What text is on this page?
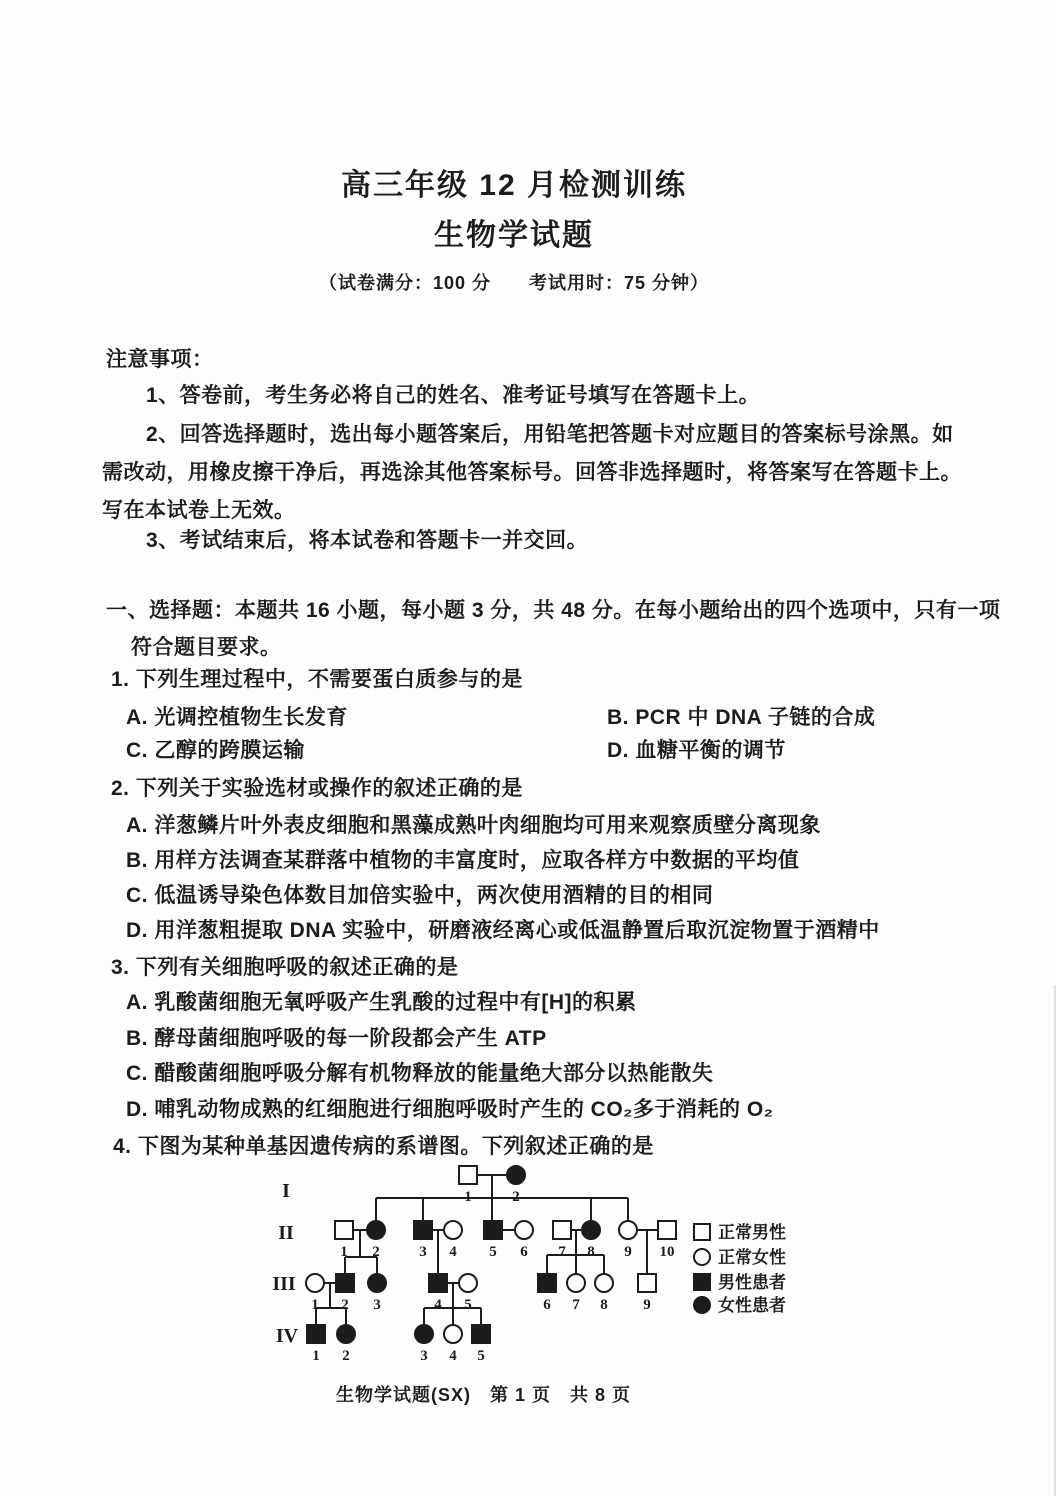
高三年级 12 月检测训练
生物学试题
（试卷满分：100 分　　考试用时：75 分钟）
注意事项：
1、答卷前，考生务必将自己的姓名、准考证号填写在答题卡上。
2、回答选择题时，选出每小题答案后，用铅笔把答题卡对应题目的答案标号涂黑。如
需改动，用橡皮擦干净后，再选涂其他答案标号。回答非选择题时，将答案写在答题卡上。
写在本试卷上无效。
3、考试结束后，将本试卷和答题卡一并交回。
一、选择题：本题共 16 小题，每小题 3 分，共 48 分。在每小题给出的四个选项中，只有一项
符合题目要求。
1. 下列生理过程中，不需要蛋白质参与的是
A. 光调控植物生长发育	B. PCR 中 DNA 子链的合成
C. 乙醇的跨膜运输	D. 血糖平衡的调节
2. 下列关于实验选材或操作的叙述正确的是
A. 洋葱鳞片叶外表皮细胞和黑藻成熟叶肉细胞均可用来观察质壁分离现象
B. 用样方法调查某群落中植物的丰富度时，应取各样方中数据的平均值
C. 低温诱导染色体数目加倍实验中，两次使用酒精的目的相同
D. 用洋葱粗提取 DNA 实验中，研磨液经离心或低温静置后取沉淀物置于酒精中
3. 下列有关细胞呼吸的叙述正确的是
A. 乳酸菌细胞无氧呼吸产生乳酸的过程中有[H]的积累
B. 酵母菌细胞呼吸的每一阶段都会产生 ATP
C. 醋酸菌细胞呼吸分解有机物释放的能量绝大部分以热能散失
D. 哺乳动物成熟的红细胞进行细胞呼吸时产生的 CO₂多于消耗的 O₂
4. 下图为某种单基因遗传病的系谱图。下列叙述正确的是
1	2
1 2	3 4 5 6 7 8 9 10
1 2 3	4 5	6 7 8 9
1 2	3 4 5
I
II
III
IV
正常男性
正常女性
男性患者
女性患者
生物学试题(SX)　第 1 页　共 8 页
